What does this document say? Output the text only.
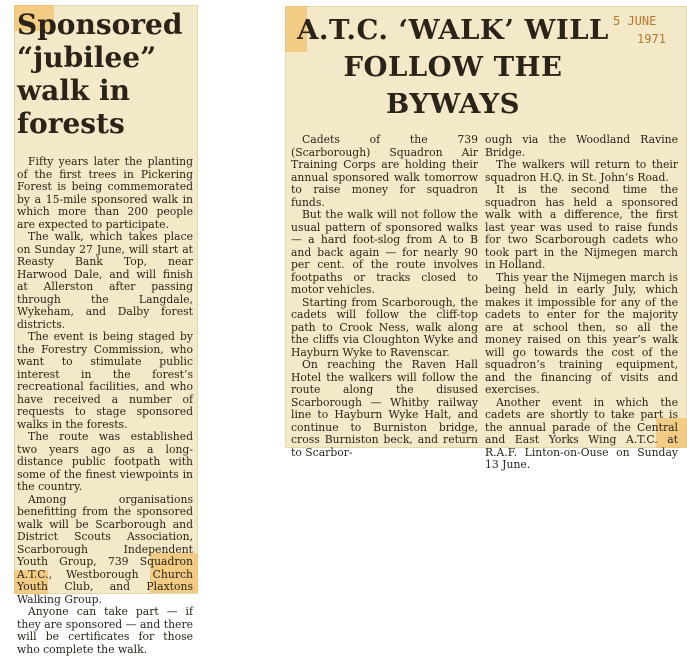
Sponsored
“jubilee”
walk in
forests

Fifty years later the planting of the first trees in Pickering Forest is being commemorated by a 15-mile sponsored walk in which more than 200 people are expected to participate.

The walk, which takes place on Sunday 27 June, will start at Reasty Bank Top, near Harwood Dale, and will finish at Allerston after passing through the Langdale, Wykeham, and Dalby forest districts.

The event is being staged by the Forestry Commission, who want to stimulate public interest in the forest’s recreational facilities, and who have received a number of requests to stage sponsored walks in the forests.

The route was established two years ago as a long-distance public footpath with some of the finest viewpoints in the country.

Among organisations benefitting from the sponsored walk will be Scarborough and District Scouts Association, Scarborough Independent Youth Group, 739 Squadron A.T.C., Westborough Church Youth Club, and Plaxtons Walking Group.

Anyone can take part — if they are sponsored — and there will be certificates for those who complete the walk.

A.T.C. ‘WALK’ WILL
FOLLOW THE
BYWAYS

Cadets of the 739 (Scarborough) Squadron Air Training Corps are holding their annual sponsored walk tomorrow to raise money for squadron funds.

But the walk will not follow the usual pattern of sponsored walks — a hard foot-slog from A to B and back again — for nearly 90 per cent. of the route involves footpaths or tracks closed to motor vehicles.

Starting from Scarborough, the cadets will follow the cliff-top path to Crook Ness, walk along the cliffs via Cloughton Wyke and Hayburn Wyke to Ravenscar.

On reaching the Raven Hall Hotel the walkers will follow the route along the disused Scarborough — Whitby railway line to Hayburn Wyke Halt, and continue to Burniston bridge, cross Burniston beck, and return to Scarbor-

ough via the Woodland Ravine Bridge.

The walkers will return to their squadron H.Q. in St. John’s Road.

It is the second time the squadron has held a sponsored walk with a difference, the first last year was used to raise funds for two Scarborough cadets who took part in the Nijmegen march in Holland.

This year the Nijmegen march is being held in early July, which makes it impossible for any of the cadets to enter for the majority are at school then, so all the money raised on this year’s walk will go towards the cost of the squadron’s training equipment, and the financing of visits and exercises.

Another event in which the cadets are shortly to take part is the annual parade of the Central and East Yorks Wing A.T.C. at R.A.F. Linton-on-Ouse on Sunday 13 June.

5 JUNE
1971
